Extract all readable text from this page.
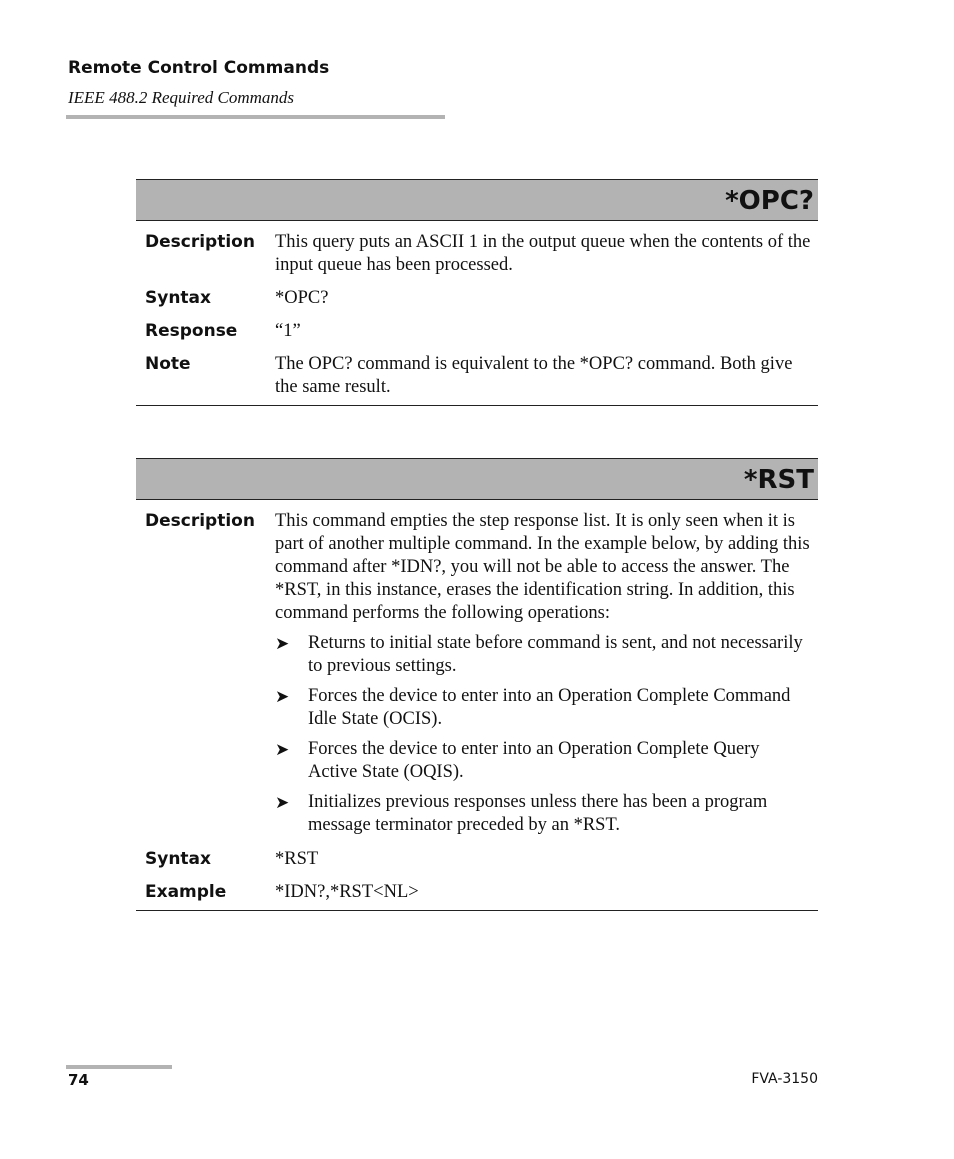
Remote Control Commands
IEEE 488.2 Required Commands
*OPC?
Description	This query puts an ASCII 1 in the output queue when the contents of the input queue has been processed.
Syntax	*OPC?
Response	“1”
Note	The OPC? command is equivalent to the *OPC? command. Both give the same result.
*RST
Description	This command empties the step response list. It is only seen when it is part of another multiple command. In the example below, by adding this command after *IDN?, you will not be able to access the answer. The *RST, in this instance, erases the identification string. In addition, this command performs the following operations:
➤	Returns to initial state before command is sent, and not necessarily to previous settings.
➤	Forces the device to enter into an Operation Complete Command Idle State (OCIS).
➤	Forces the device to enter into an Operation Complete Query Active State (OQIS).
➤	Initializes previous responses unless there has been a program message terminator preceded by an *RST.
Syntax	*RST
Example	*IDN?,*RST<NL>
74	FVA-3150
